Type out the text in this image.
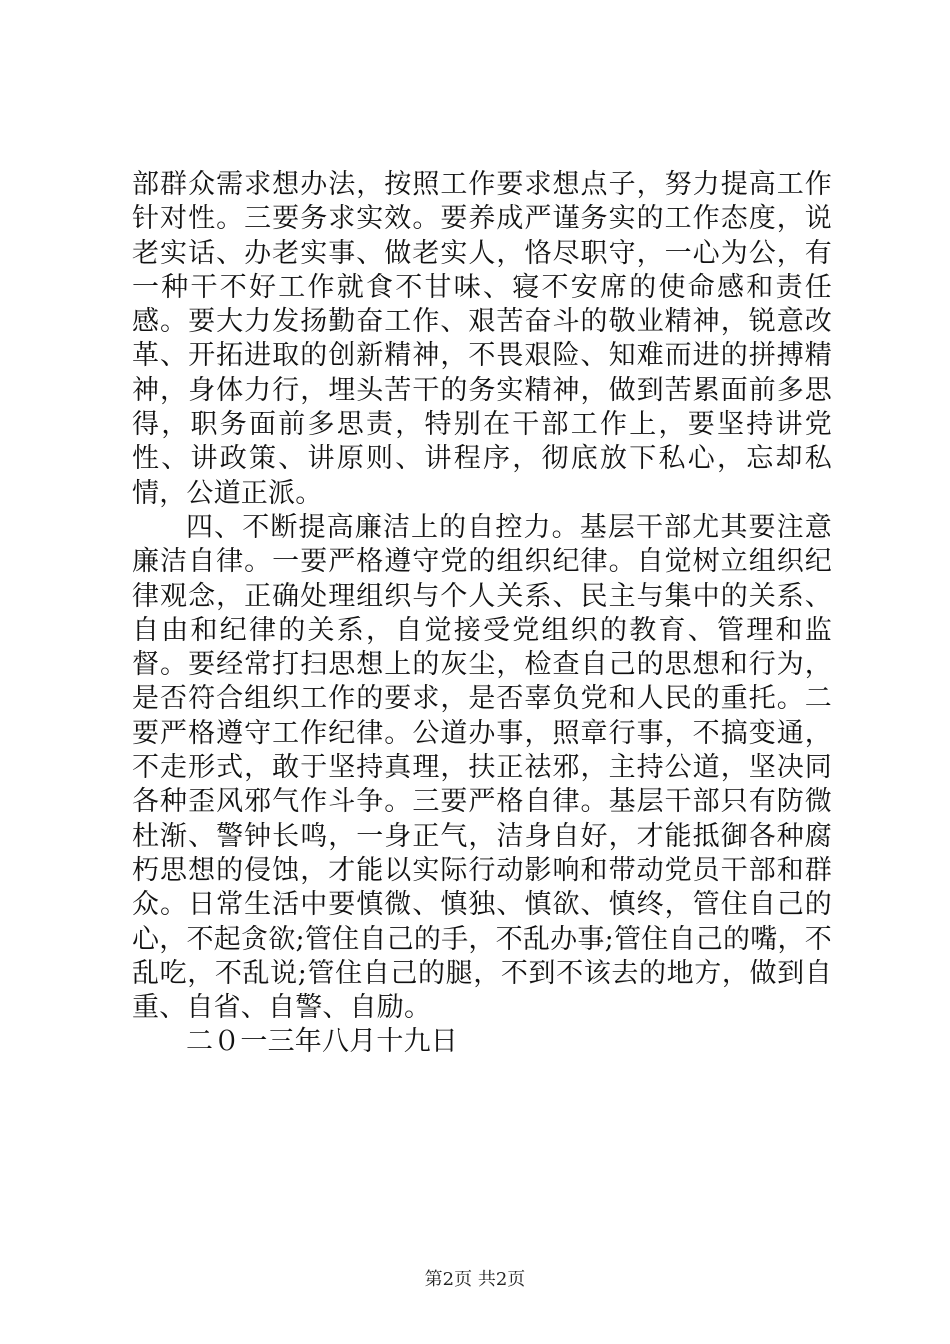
部群众需求想办法，按照工作要求想点子，努力提高工作针对性。三要务求实效。要养成严谨务实的工作态度，说老实话、办老实事、做老实人，恪尽职守，一心为公，有一种干不好工作就食不甘味、寝不安席的使命感和责任感。要大力发扬勤奋工作、艰苦奋斗的敬业精神，锐意改革、开拓进取的创新精神，不畏艰险、知难而进的拼搏精神，身体力行，埋头苦干的务实精神，做到苦累面前多思得，职务面前多思责，特别在干部工作上，要坚持讲党性、讲政策、讲原则、讲程序，彻底放下私心，忘却私情，公道正派。

四、不断提高廉洁上的自控力。基层干部尤其要注意廉洁自律。一要严格遵守党的组织纪律。自觉树立组织纪律观念，正确处理组织与个人关系、民主与集中的关系、自由和纪律的关系，自觉接受党组织的教育、管理和监督。要经常打扫思想上的灰尘，检查自己的思想和行为，是否符合组织工作的要求，是否辜负党和人民的重托。二要严格遵守工作纪律。公道办事，照章行事，不搞变通，不走形式，敢于坚持真理，扶正祛邪，主持公道，坚决同各种歪风邪气作斗争。三要严格自律。基层干部只有防微杜渐、警钟长鸣，一身正气，洁身自好，才能抵御各种腐朽思想的侵蚀，才能以实际行动影响和带动党员干部和群众。日常生活中要慎微、慎独、慎欲、慎终，管住自己的心，不起贪欲;管住自己的手，不乱办事;管住自己的嘴，不乱吃，不乱说;管住自己的腿，不到不该去的地方，做到自重、自省、自警、自励。

二０一三年八月十九日

第2页 共2页
